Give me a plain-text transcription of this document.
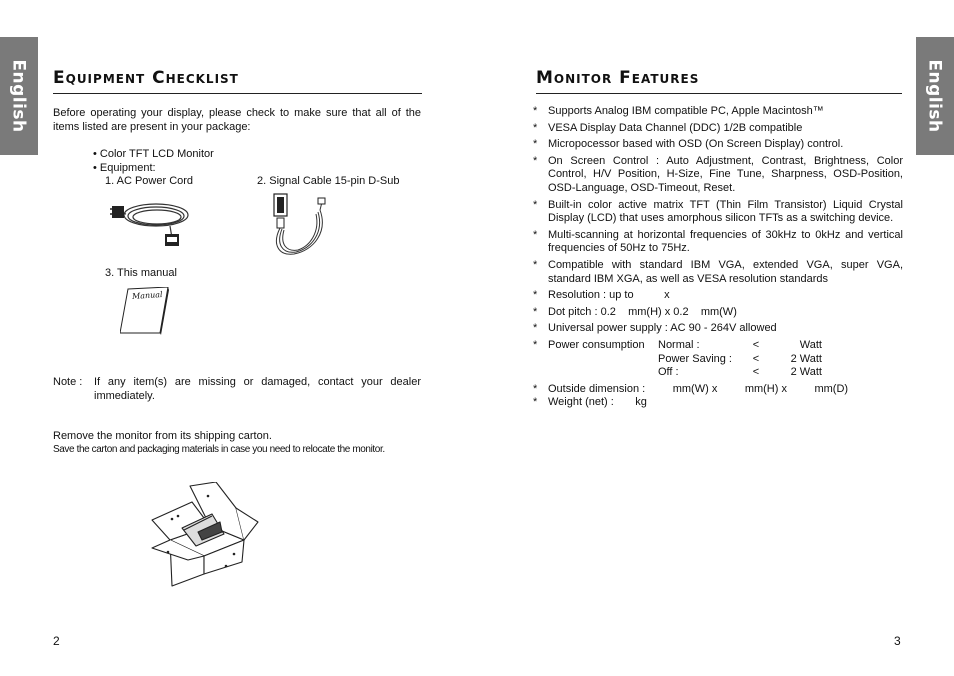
English	English
Equipment Checklist
Before operating your display, please check to make sure that all of the items listed are present in your package:
• Color TFT LCD Monitor
• Equipment:
1. AC Power Cord	2. Signal Cable 15-pin D-Sub
3. This manual
Manual
Note : If any item(s) are missing or damaged, contact your dealer immediately.
Remove the monitor from its shipping carton.
Save the carton and packaging materials in case you need to relocate the monitor.
2
Monitor Features
* Supports Analog IBM compatible PC, Apple Macintosh™
* VESA Display Data Channel (DDC) 1/2B compatible
* Micropocessor based with OSD (On Screen Display) control.
* On Screen Control : Auto Adjustment, Contrast, Brightness, Color Control, H/V Position, H-Size, Fine Tune, Sharpness, OSD-Position, OSD-Language, OSD-Timeout, Reset.
* Built-in color active matrix TFT (Thin Film Transistor) Liquid Crystal Display (LCD) that uses amorphous silicon TFTs as a switching device.
* Multi-scanning at horizontal frequencies of 30kHz to 0kHz and vertical frequencies of 50Hz to 75Hz.
* Compatible with standard IBM VGA, extended VGA, super VGA, standard IBM XGA, as well as VESA resolution standards
* Resolution : up to          x
* Dot pitch : 0.2    mm(H) x 0.2    mm(W)
* Universal power supply : AC 90 - 264V allowed
* Power consumption	Normal :	<	Watt
Power Saving :	<	2 Watt
Off :	<	2 Watt
* Outside dimension :         mm(W) x         mm(H) x         mm(D)
* Weight (net) :       kg
3
